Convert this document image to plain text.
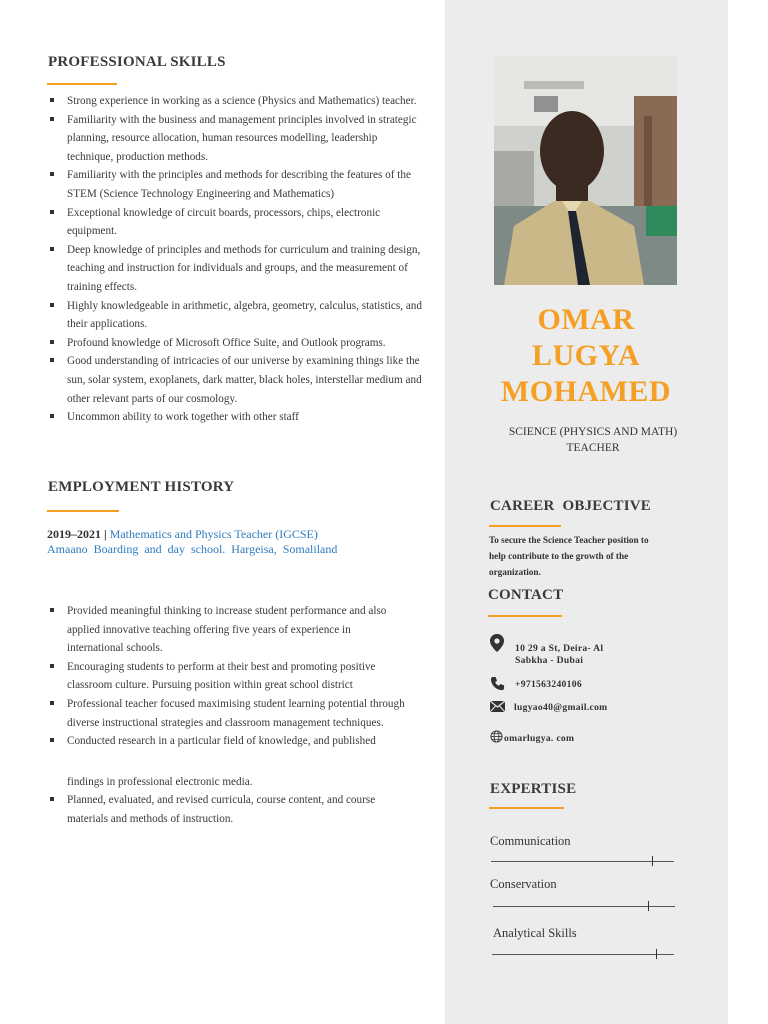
PROFESSIONAL SKILLS
Strong experience in working as a science (Physics and Mathematics) teacher.
Familiarity with the business and management principles involved in strategic planning, resource allocation, human resources modelling, leadership technique, production methods.
Familiarity with the principles and methods for describing the features of the STEM (Science Technology Engineering and Mathematics)
Exceptional knowledge of circuit boards, processors, chips, electronic equipment.
Deep knowledge of principles and methods for curriculum and training design, teaching and instruction for individuals and groups, and the measurement of training effects.
Highly knowledgeable in arithmetic, algebra, geometry, calculus, statistics, and their applications.
Profound knowledge of Microsoft Office Suite, and Outlook programs.
Good understanding of intricacies of our universe by examining things like the sun, solar system, exoplanets, dark matter, black holes, interstellar medium and other relevant parts of our cosmology.
Uncommon ability to work together with other staff
EMPLOYMENT HISTORY
2019–2021 | Mathematics and Physics Teacher (IGCSE)
Amaano Boarding and day school. Hargeisa, Somaliland
Provided meaningful thinking to increase student performance and also applied innovative teaching offering five years of experience in international schools.
Encouraging students to perform at their best and promoting positive classroom culture. Pursuing position within great school district
Professional teacher focused maximising student learning potential through diverse instructional strategies and classroom management techniques.
Conducted research in a particular field of knowledge, and published
findings in professional electronic media.
Planned, evaluated, and revised curricula, course content, and course materials and methods of instruction.
OMAR
LUGYA
MOHAMED
SCIENCE (PHYSICS AND MATH)
TEACHER
CAREER OBJECTIVE
To secure the Science Teacher position to help contribute to the growth of the organization.
CONTACT
10 29 a St, Deira- Al
Sabkha - Dubai
+971563240106
lugyao40@gmail.com
omarlugya. com
EXPERTISE
Communication
Conservation
Analytical Skills
